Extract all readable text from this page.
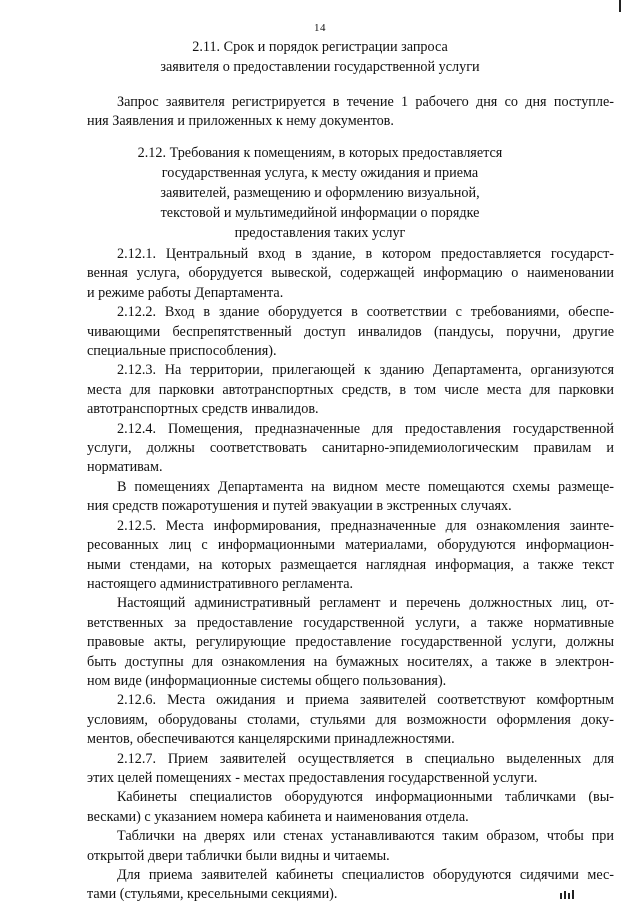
14
2.11. Срок и порядок регистрации запроса
заявителя о предоставлении государственной услуги
Запрос заявителя регистрируется в течение 1 рабочего дня со дня поступле-
ния Заявления и приложенных к нему документов.
2.12. Требования к помещениям, в которых предоставляется
государственная услуга, к месту ожидания и приема
заявителей, размещению и оформлению визуальной,
текстовой и мультимедийной информации о порядке
предоставления таких услуг
2.12.1. Центральный вход в здание, в котором предоставляется государст-
венная услуга, оборудуется вывеской, содержащей информацию о наименовании
и режиме работы Департамента.
2.12.2. Вход в здание оборудуется в соответствии с требованиями, обеспе-
чивающими беспрепятственный доступ инвалидов (пандусы, поручни, другие
специальные приспособления).
2.12.3. На территории, прилегающей к зданию Департамента, организуются
места для парковки автотранспортных средств, в том числе места для парковки
автотранспортных средств инвалидов.
2.12.4. Помещения, предназначенные для предоставления государственной
услуги, должны соответствовать санитарно-эпидемиологическим правилам и
нормативам.
В помещениях Департамента на видном месте помещаются схемы размеще-
ния средств пожаротушения и путей эвакуации в экстренных случаях.
2.12.5. Места информирования, предназначенные для ознакомления заинте-
ресованных лиц с информационными материалами, оборудуются информацион-
ными стендами, на которых размещается наглядная информация, а также текст
настоящего административного регламента.
Настоящий административный регламент и перечень должностных лиц, от-
ветственных за предоставление государственной услуги, а также нормативные
правовые акты, регулирующие предоставление государственной услуги, должны
быть доступны для ознакомления на бумажных носителях, а также в электрон-
ном виде (информационные системы общего пользования).
2.12.6. Места ожидания и приема заявителей соответствуют комфортным
условиям, оборудованы столами, стульями для возможности оформления доку-
ментов, обеспечиваются канцелярскими принадлежностями.
2.12.7. Прием заявителей осуществляется в специально выделенных для
этих целей помещениях - местах предоставления государственной услуги.
Кабинеты специалистов оборудуются информационными табличками (вы-
весками) с указанием номера кабинета и наименования отдела.
Таблички на дверях или стенах устанавливаются таким образом, чтобы при
открытой двери таблички были видны и читаемы.
Для приема заявителей кабинеты специалистов оборудуются сидячими мес-
тами (стульями, кресельными секциями).
